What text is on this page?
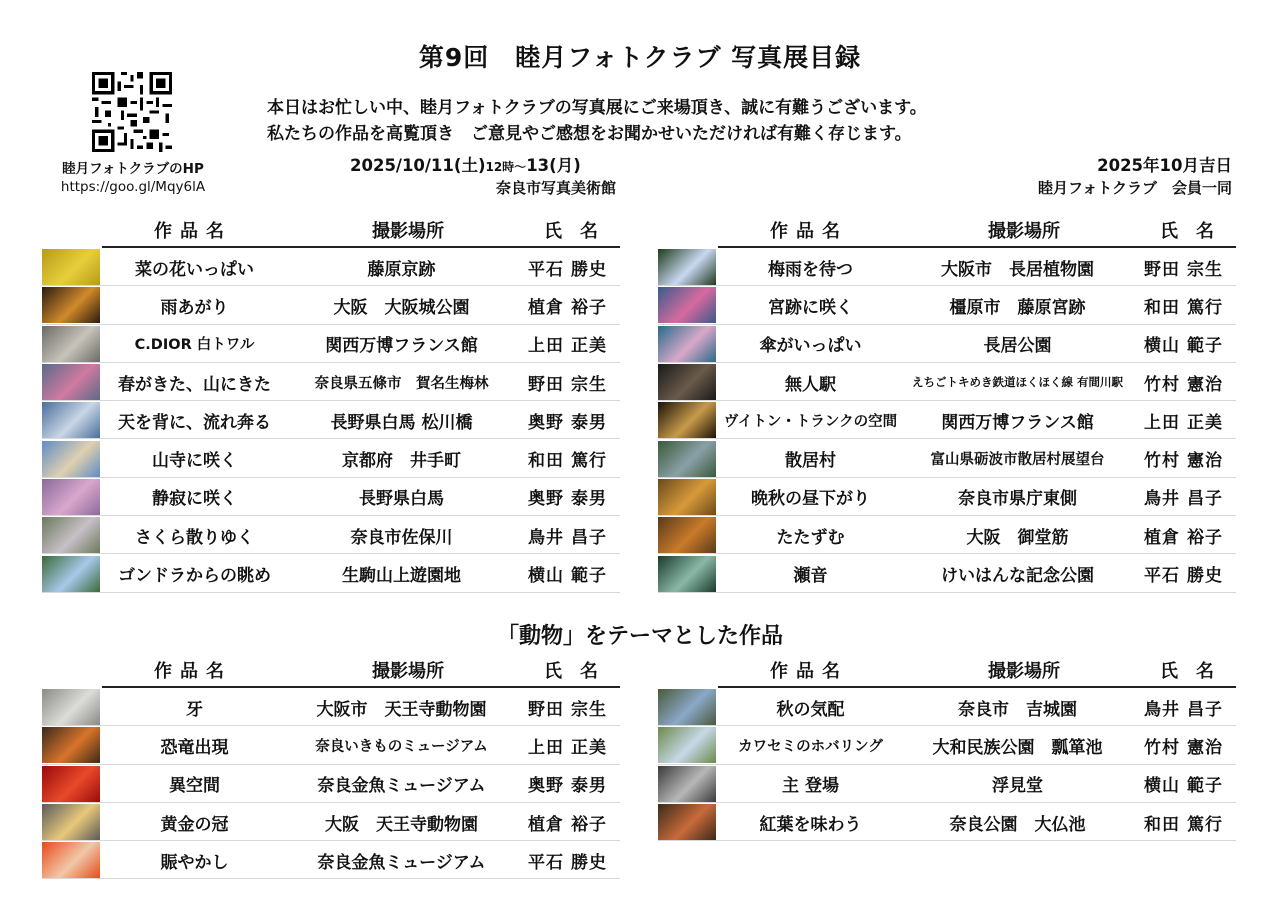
第9回　睦月フォトクラブ 写真展目録
睦月フォトクラブのHP
https://goo.gl/Mqy6lA
本日はお忙しい中、睦月フォトクラブの写真展にご来場頂き、誠に有難うございます。
私たちの作品を高覧頂き　ご意見やご感想をお聞かせいただければ有難く存じます。
2025/10/11(土)12時～13(月)
奈良市写真美術館
2025年10月吉日
睦月フォトクラブ　会員一同
作品名	撮影場所	氏名
菜の花いっぱい	藤原京跡	平石 勝史
雨あがり	大阪　大阪城公園	植倉 裕子
C.DIOR 白トワル	関西万博フランス館	上田 正美
春がきた、山にきた	奈良県五條市　賀名生梅林	野田 宗生
天を背に、流れ奔る	長野県白馬 松川橋	奥野 泰男
山寺に咲く	京都府　井手町	和田 篤行
静寂に咲く	長野県白馬	奥野 泰男
さくら散りゆく	奈良市佐保川	鳥井 昌子
ゴンドラからの眺め	生駒山上遊園地	横山 範子
作品名	撮影場所	氏名
梅雨を待つ	大阪市　長居植物園	野田 宗生
宮跡に咲く	橿原市　藤原宮跡	和田 篤行
傘がいっぱい	長居公園	横山 範子
無人駅	えちごトキめき鉄道ほくほく線 有間川駅	竹村 憲治
ヴイトン・トランクの空間	関西万博フランス館	上田 正美
散居村	富山県砺波市散居村展望台	竹村 憲治
晩秋の昼下がり	奈良市県庁東側	鳥井 昌子
たたずむ	大阪　御堂筋	植倉 裕子
瀬音	けいはんな記念公園	平石 勝史
「動物」をテーマとした作品
作品名	撮影場所	氏名
牙	大阪市　天王寺動物園	野田 宗生
恐竜出現	奈良いきものミュージアム	上田 正美
異空間	奈良金魚ミュージアム	奥野 泰男
黄金の冠	大阪　天王寺動物園	植倉 裕子
賑やかし	奈良金魚ミュージアム	平石 勝史
作品名	撮影場所	氏名
秋の気配	奈良市　吉城園	鳥井 昌子
カワセミのホバリング	大和民族公園　瓢箪池	竹村 憲治
主 登場	浮見堂	横山 範子
紅葉を味わう	奈良公園　大仏池	和田 篤行
